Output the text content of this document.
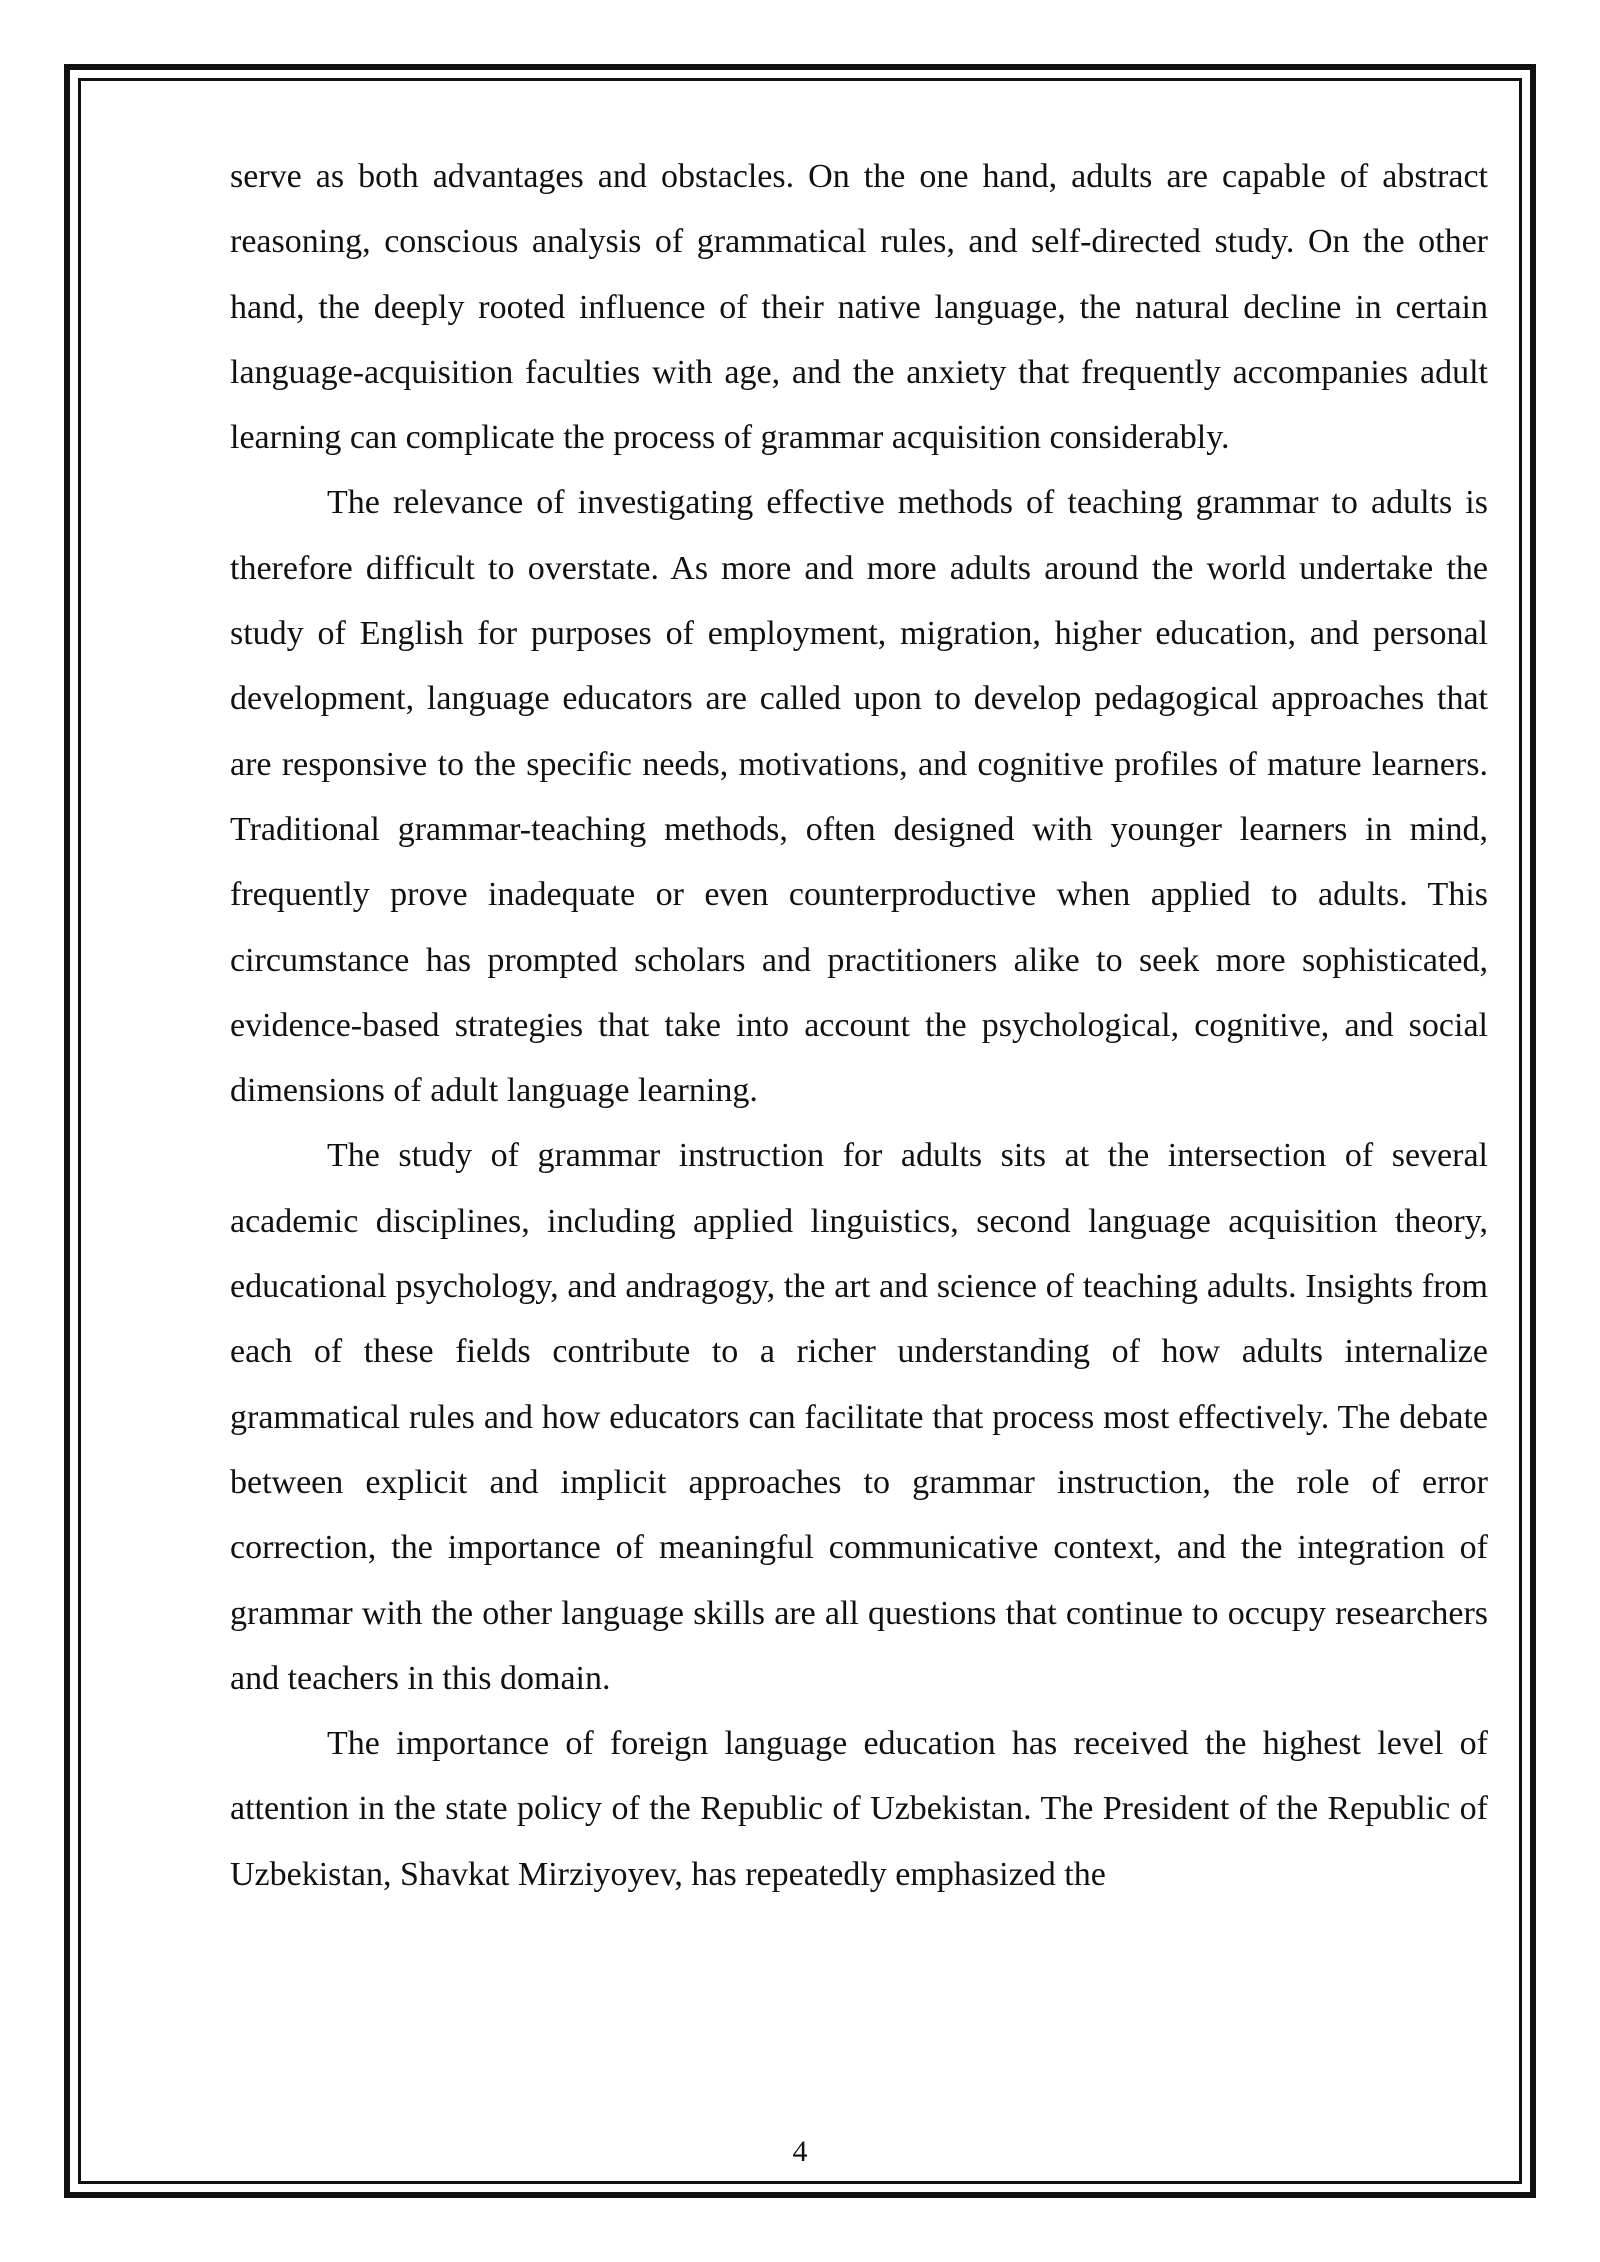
serve as both advantages and obstacles. On the one hand, adults are capable of abstract reasoning, conscious analysis of grammatical rules, and self-directed study. On the other hand, the deeply rooted influence of their native language, the natural decline in certain language-acquisition faculties with age, and the anxiety that frequently accompanies adult learning can complicate the process of grammar acquisition considerably.

The relevance of investigating effective methods of teaching grammar to adults is therefore difficult to overstate. As more and more adults around the world undertake the study of English for purposes of employment, migration, higher education, and personal development, language educators are called upon to develop pedagogical approaches that are responsive to the specific needs, motivations, and cognitive profiles of mature learners. Traditional grammar-teaching methods, often designed with younger learners in mind, frequently prove inadequate or even counterproductive when applied to adults. This circumstance has prompted scholars and practitioners alike to seek more sophisticated, evidence-based strategies that take into account the psychological, cognitive, and social dimensions of adult language learning.

The study of grammar instruction for adults sits at the intersection of several academic disciplines, including applied linguistics, second language acquisition theory, educational psychology, and andragogy, the art and science of teaching adults. Insights from each of these fields contribute to a richer understanding of how adults internalize grammatical rules and how educators can facilitate that process most effectively. The debate between explicit and implicit approaches to grammar instruction, the role of error correction, the importance of meaningful communicative context, and the integration of grammar with the other language skills are all questions that continue to occupy researchers and teachers in this domain.

The importance of foreign language education has received the highest level of attention in the state policy of the Republic of Uzbekistan. The President of the Republic of Uzbekistan, Shavkat Mirziyoyev, has repeatedly emphasized the

4
